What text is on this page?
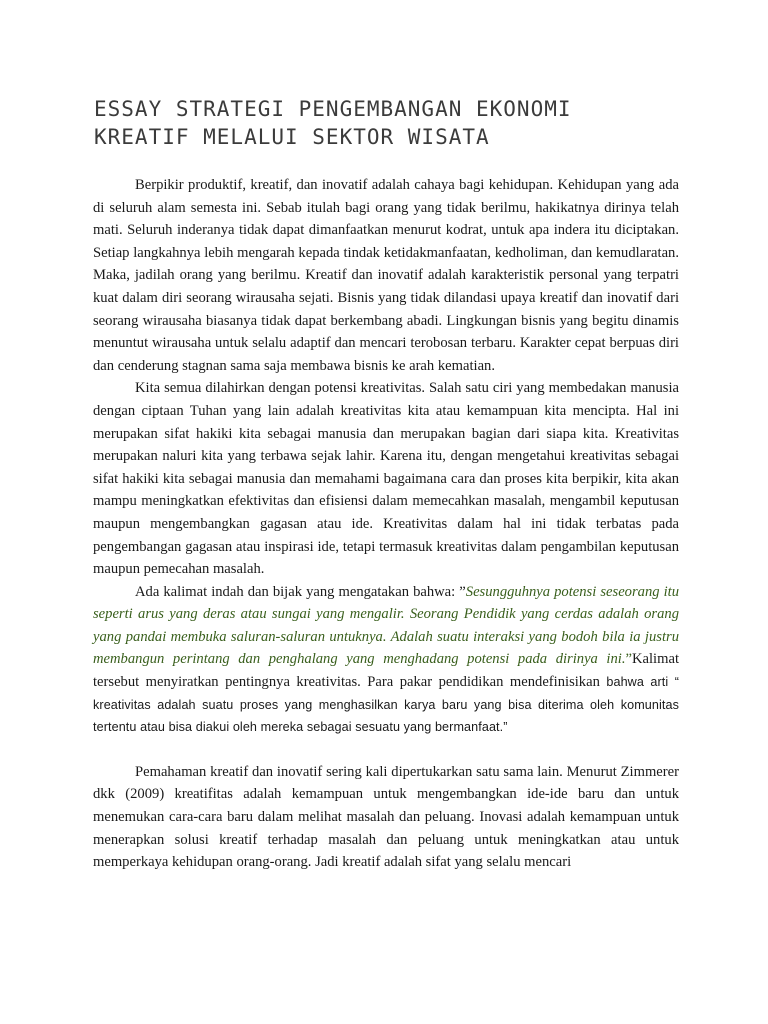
ESSAY STRATEGI PENGEMBANGAN EKONOMI
KREATIF MELALUI SEKTOR WISATA

Berpikir produktif, kreatif, dan inovatif adalah cahaya bagi kehidupan. Kehidupan yang ada di seluruh alam semesta ini. Sebab itulah bagi orang yang tidak berilmu, hakikatnya dirinya telah mati. Seluruh inderanya tidak dapat dimanfaatkan menurut kodrat, untuk apa indera itu diciptakan. Setiap langkahnya lebih mengarah kepada tindak ketidakmanfaatan, kedholiman, dan kemudlaratan. Maka, jadilah orang yang berilmu. Kreatif dan inovatif adalah karakteristik personal yang terpatri kuat dalam diri seorang wirausaha sejati. Bisnis yang tidak dilandasi upaya kreatif dan inovatif dari seorang wirausaha biasanya tidak dapat berkembang abadi. Lingkungan bisnis yang begitu dinamis menuntut wirausaha untuk selalu adaptif dan mencari terobosan terbaru. Karakter cepat berpuas diri dan cenderung stagnan sama saja membawa bisnis ke arah kematian.

Kita semua dilahirkan dengan potensi kreativitas. Salah satu ciri yang membedakan manusia dengan ciptaan Tuhan yang lain adalah kreativitas kita atau kemampuan kita mencipta. Hal ini merupakan sifat hakiki kita sebagai manusia dan merupakan bagian dari siapa kita. Kreativitas merupakan naluri kita yang terbawa sejak lahir. Karena itu, dengan mengetahui kreativitas sebagai sifat hakiki kita sebagai manusia dan memahami bagaimana cara dan proses kita berpikir, kita akan mampu meningkatkan efektivitas dan efisiensi dalam memecahkan masalah, mengambil keputusan maupun mengembangkan gagasan atau ide. Kreativitas dalam hal ini tidak terbatas pada pengembangan gagasan atau inspirasi ide, tetapi termasuk kreativitas dalam pengambilan keputusan maupun pemecahan masalah.

Ada kalimat indah dan bijak yang mengatakan bahwa: ”Sesungguhnya potensi seseorang itu seperti arus yang deras atau sungai yang mengalir. Seorang Pendidik yang cerdas adalah orang yang pandai membuka saluran-saluran untuknya. Adalah suatu interaksi yang bodoh bila ia justru membangun perintang dan penghalang yang menghadang potensi pada dirinya ini.”Kalimat tersebut menyiratkan pentingnya kreativitas. Para pakar pendidikan mendefinisikan bahwa arti “ kreativitas adalah suatu proses yang menghasilkan karya baru yang bisa diterima oleh komunitas tertentu atau bisa diakui oleh mereka sebagai sesuatu yang bermanfaat.”

Pemahaman kreatif dan inovatif sering kali dipertukarkan satu sama lain. Menurut Zimmerer dkk (2009) kreatifitas adalah kemampuan untuk mengembangkan ide-ide baru dan untuk menemukan cara-cara baru dalam melihat masalah dan peluang. Inovasi adalah kemampuan untuk menerapkan solusi kreatif terhadap masalah dan peluang untuk meningkatkan atau untuk memperkaya kehidupan orang-orang. Jadi kreatif adalah sifat yang selalu mencari
